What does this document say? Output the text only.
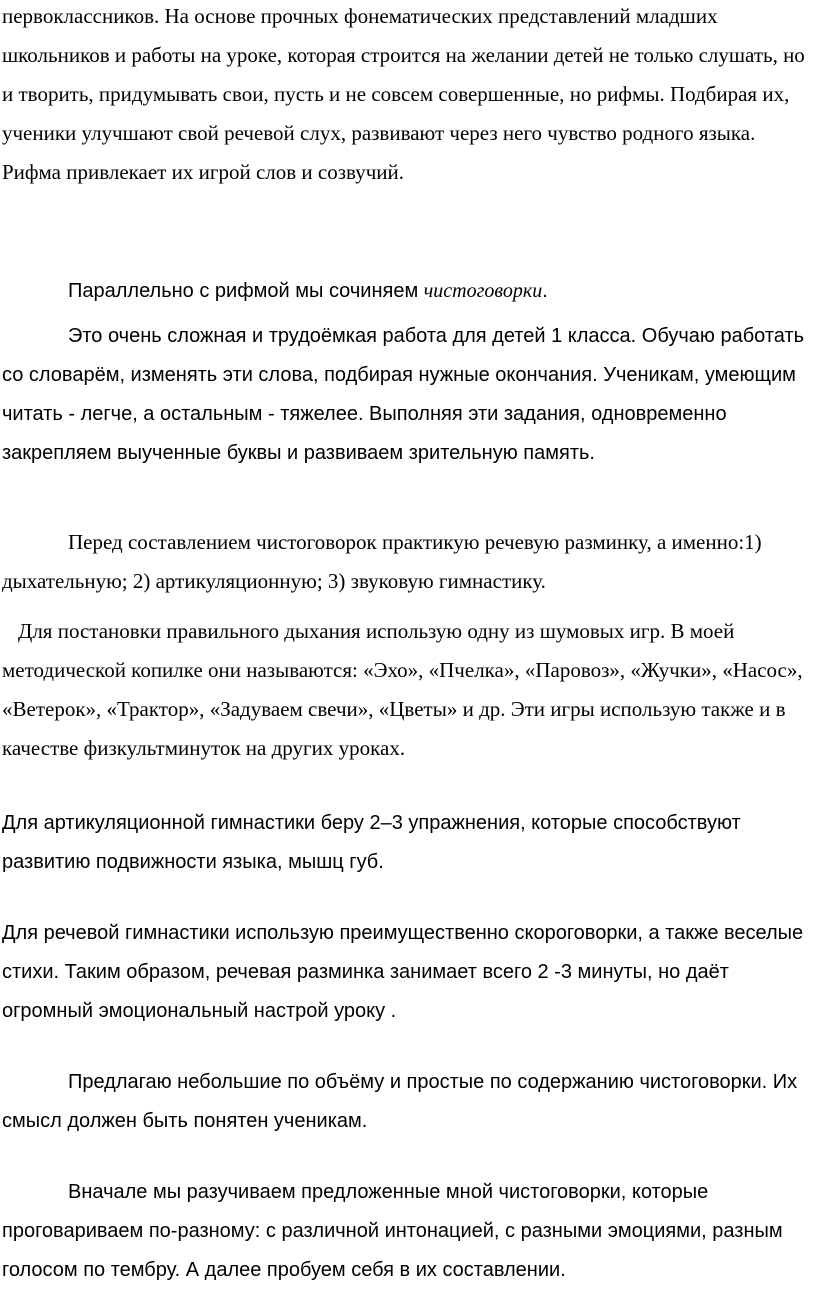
первоклассников. На основе прочных фонематических представлений младших школьников и работы на уроке, которая строится на желании детей не только слушать, но и творить, придумывать свои, пусть и не совсем совершенные, но рифмы. Подбирая их, ученики улучшают свой речевой слух, развивают через него чувство родного языка. Рифма привлекает их игрой слов и созвучий.

Параллельно с рифмой мы сочиняем чистоговорки.

Это очень сложная и трудоёмкая работа для детей 1 класса. Обучаю работать со словарём, изменять эти слова, подбирая нужные окончания. Ученикам, умеющим читать - легче, а остальным - тяжелее. Выполняя эти задания, одновременно закрепляем выученные буквы и развиваем зрительную память.

Перед составлением чистоговорок практикую речевую разминку, а именно:1) дыхательную; 2) артикуляционную; 3) звуковую гимнастику.

Для постановки правильного дыхания использую одну из шумовых игр. В моей методической копилке они называются: «Эхо», «Пчелка», «Паровоз», «Жучки», «Насос», «Ветерок», «Трактор», «Задуваем свечи», «Цветы» и др. Эти игры использую также и в качестве физкультминуток на других уроках.

Для артикуляционной гимнастики беру 2–3 упражнения, которые способствуют развитию подвижности языка, мышц губ.

Для речевой гимнастики использую преимущественно скороговорки, а также веселые стихи. Таким образом, речевая разминка занимает всего 2 -3 минуты, но даёт огромный эмоциональный настрой уроку .

Предлагаю небольшие по объёму и простые по содержанию чистоговорки. Их смысл должен быть понятен ученикам.

Вначале мы разучиваем предложенные мной чистоговорки, которые проговариваем по-разному: с различной интонацией, с разными эмоциями, разным голосом по тембру. А далее пробуем себя в их составлении.
